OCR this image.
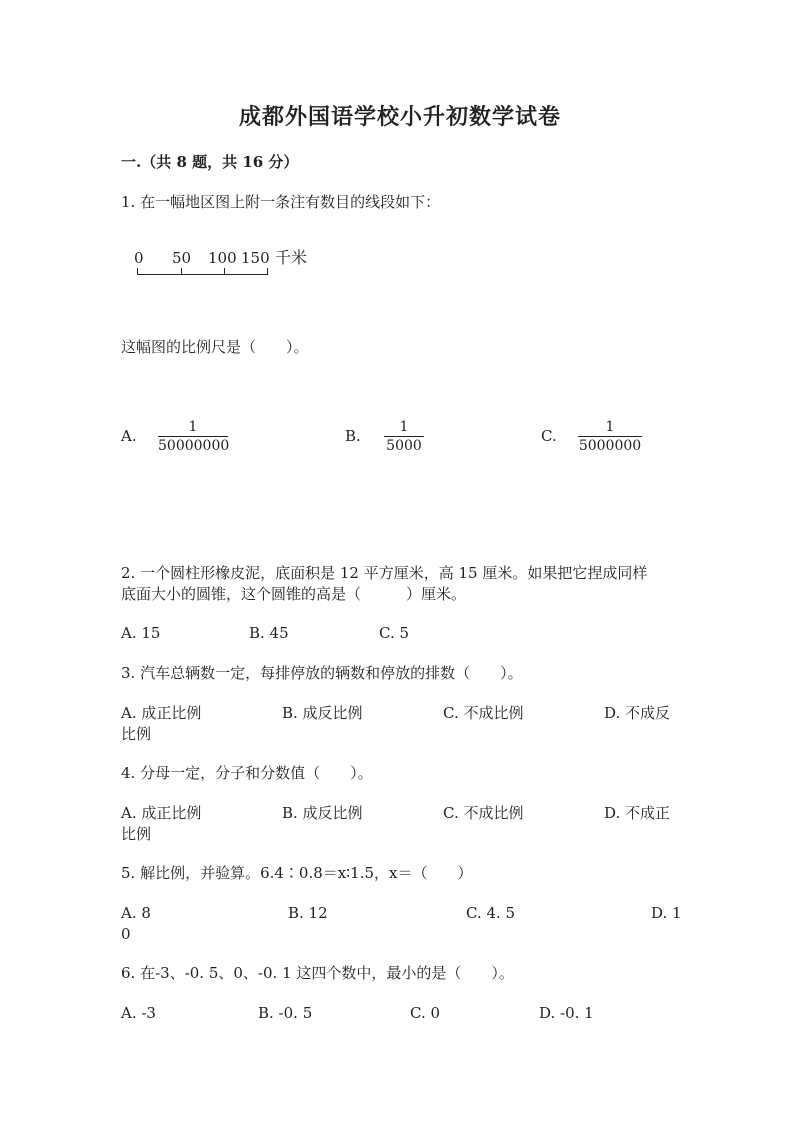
成都外国语学校小升初数学试卷
一.（共 8 题，共 16 分）
1. 在一幅地区图上附一条注有数目的线段如下：
0 50 100 150 千米
这幅图的比例尺是（　　）。
A. $\frac{1}{50000000}$	B. $\frac{1}{5000}$	C. $\frac{1}{5000000}$
2. 一个圆柱形橡皮泥，底面积是 12 平方厘米，高 15 厘米。如果把它捏成同样
底面大小的圆锥，这个圆锥的高是（　　　）厘米。
A. 15	B. 45	C. 5
3. 汽车总辆数一定，每排停放的辆数和停放的排数（　　）。
A. 成正比例	B. 成反比例	C. 不成比例	D. 不成反
比例
4. 分母一定，分子和分数值（　　）。
A. 成正比例	B. 成反比例	C. 不成比例	D. 不成正
比例
5. 解比例，并验算。6.4∶0.8＝x∶1.5，x＝（　　）
A. 8	B. 12	C. 4. 5	D. 1
0
6. 在-3、-0. 5、0、-0. 1 这四个数中，最小的是（　　）。
A. -3	B. -0. 5	C. 0	D. -0. 1
